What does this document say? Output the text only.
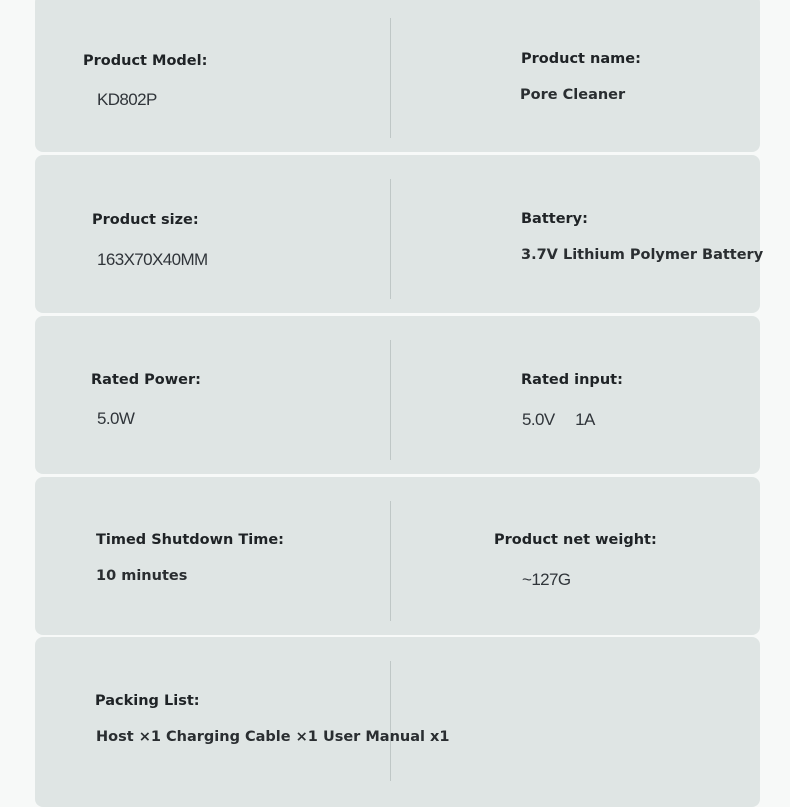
Product Model:
KD802P
Product name:
Pore Cleaner
Product size:
163X70X40MM
Battery:
3.7V Lithium Polymer Battery
Rated Power:
5.0W
Rated input:
5.0V     1A
Timed Shutdown Time:
10 minutes
Product net weight:
~127G
Packing List:
Host ×1 Charging Cable ×1 User Manual x1
